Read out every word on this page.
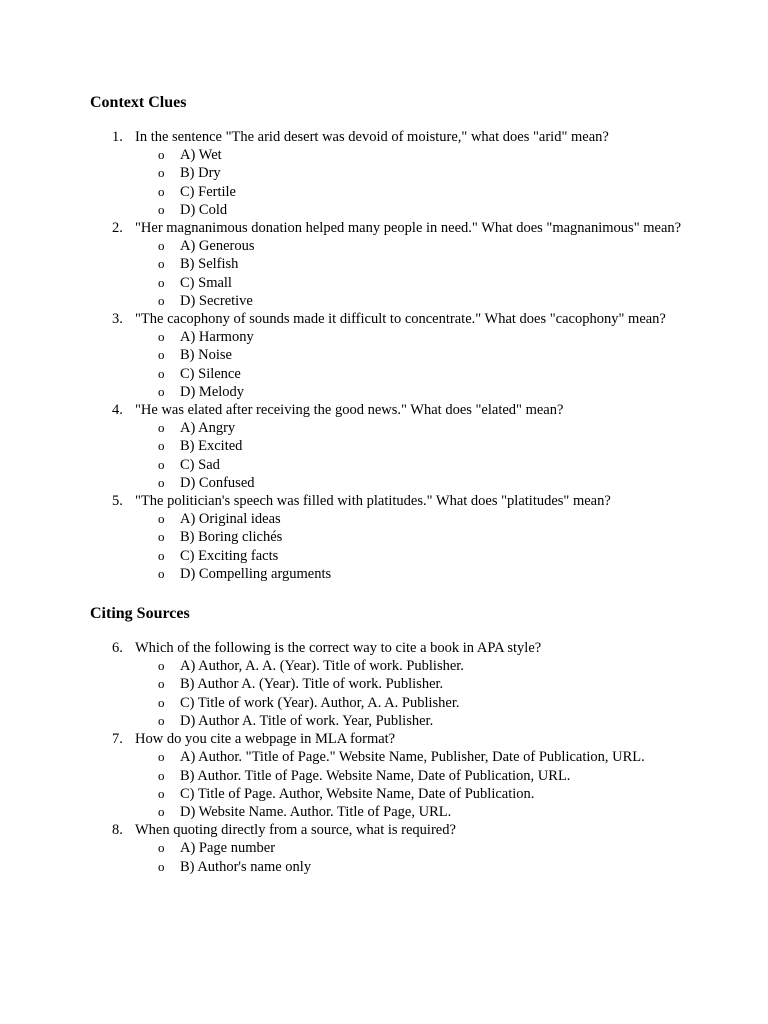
Context Clues
1. In the sentence "The arid desert was devoid of moisture," what does "arid" mean?
o A) Wet
o B) Dry
o C) Fertile
o D) Cold
2. "Her magnanimous donation helped many people in need." What does "magnanimous" mean?
o A) Generous
o B) Selfish
o C) Small
o D) Secretive
3. "The cacophony of sounds made it difficult to concentrate." What does "cacophony" mean?
o A) Harmony
o B) Noise
o C) Silence
o D) Melody
4. "He was elated after receiving the good news." What does "elated" mean?
o A) Angry
o B) Excited
o C) Sad
o D) Confused
5. "The politician's speech was filled with platitudes." What does "platitudes" mean?
o A) Original ideas
o B) Boring clichés
o C) Exciting facts
o D) Compelling arguments
Citing Sources
6. Which of the following is the correct way to cite a book in APA style?
o A) Author, A. A. (Year). Title of work. Publisher.
o B) Author A. (Year). Title of work. Publisher.
o C) Title of work (Year). Author, A. A. Publisher.
o D) Author A. Title of work. Year, Publisher.
7. How do you cite a webpage in MLA format?
o A) Author. "Title of Page." Website Name, Publisher, Date of Publication, URL.
o B) Author. Title of Page. Website Name, Date of Publication, URL.
o C) Title of Page. Author, Website Name, Date of Publication.
o D) Website Name. Author. Title of Page, URL.
8. When quoting directly from a source, what is required?
o A) Page number
o B) Author's name only
